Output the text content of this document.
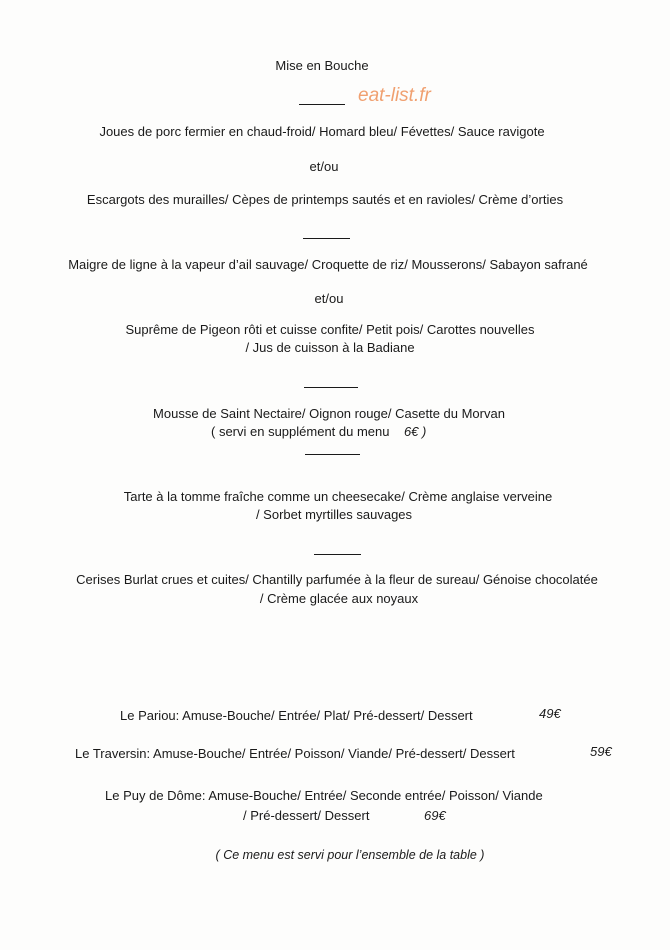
Mise en Bouche
eat-list.fr
Joues de porc fermier en chaud-froid/ Homard bleu/ Févettes/ Sauce ravigote
et/ou
Escargots des murailles/ Cèpes de printemps sautés et en ravioles/ Crème d’orties
Maigre de ligne à la vapeur d’ail sauvage/ Croquette de riz/ Mousserons/ Sabayon safrané
et/ou
Suprême de Pigeon rôti et cuisse confite/ Petit pois/ Carottes nouvelles
/ Jus de cuisson à la Badiane
Mousse de Saint Nectaire/ Oignon rouge/ Casette du Morvan
( servi en supplément du menu 6€ )
Tarte à la tomme fraîche comme un cheesecake/ Crème anglaise verveine
/ Sorbet myrtilles sauvages
Cerises Burlat crues et cuites/ Chantilly parfumée à la fleur de sureau/ Génoise chocolatée
/ Crème glacée aux noyaux
Le Pariou: Amuse-Bouche/ Entrée/ Plat/ Pré-dessert/ Dessert	49€
Le Traversin: Amuse-Bouche/ Entrée/ Poisson/ Viande/ Pré-dessert/ Dessert	59€
Le Puy de Dôme: Amuse-Bouche/ Entrée/ Seconde entrée/ Poisson/ Viande
/ Pré-dessert/ Dessert	69€
( Ce menu est servi pour l’ensemble de la table )
